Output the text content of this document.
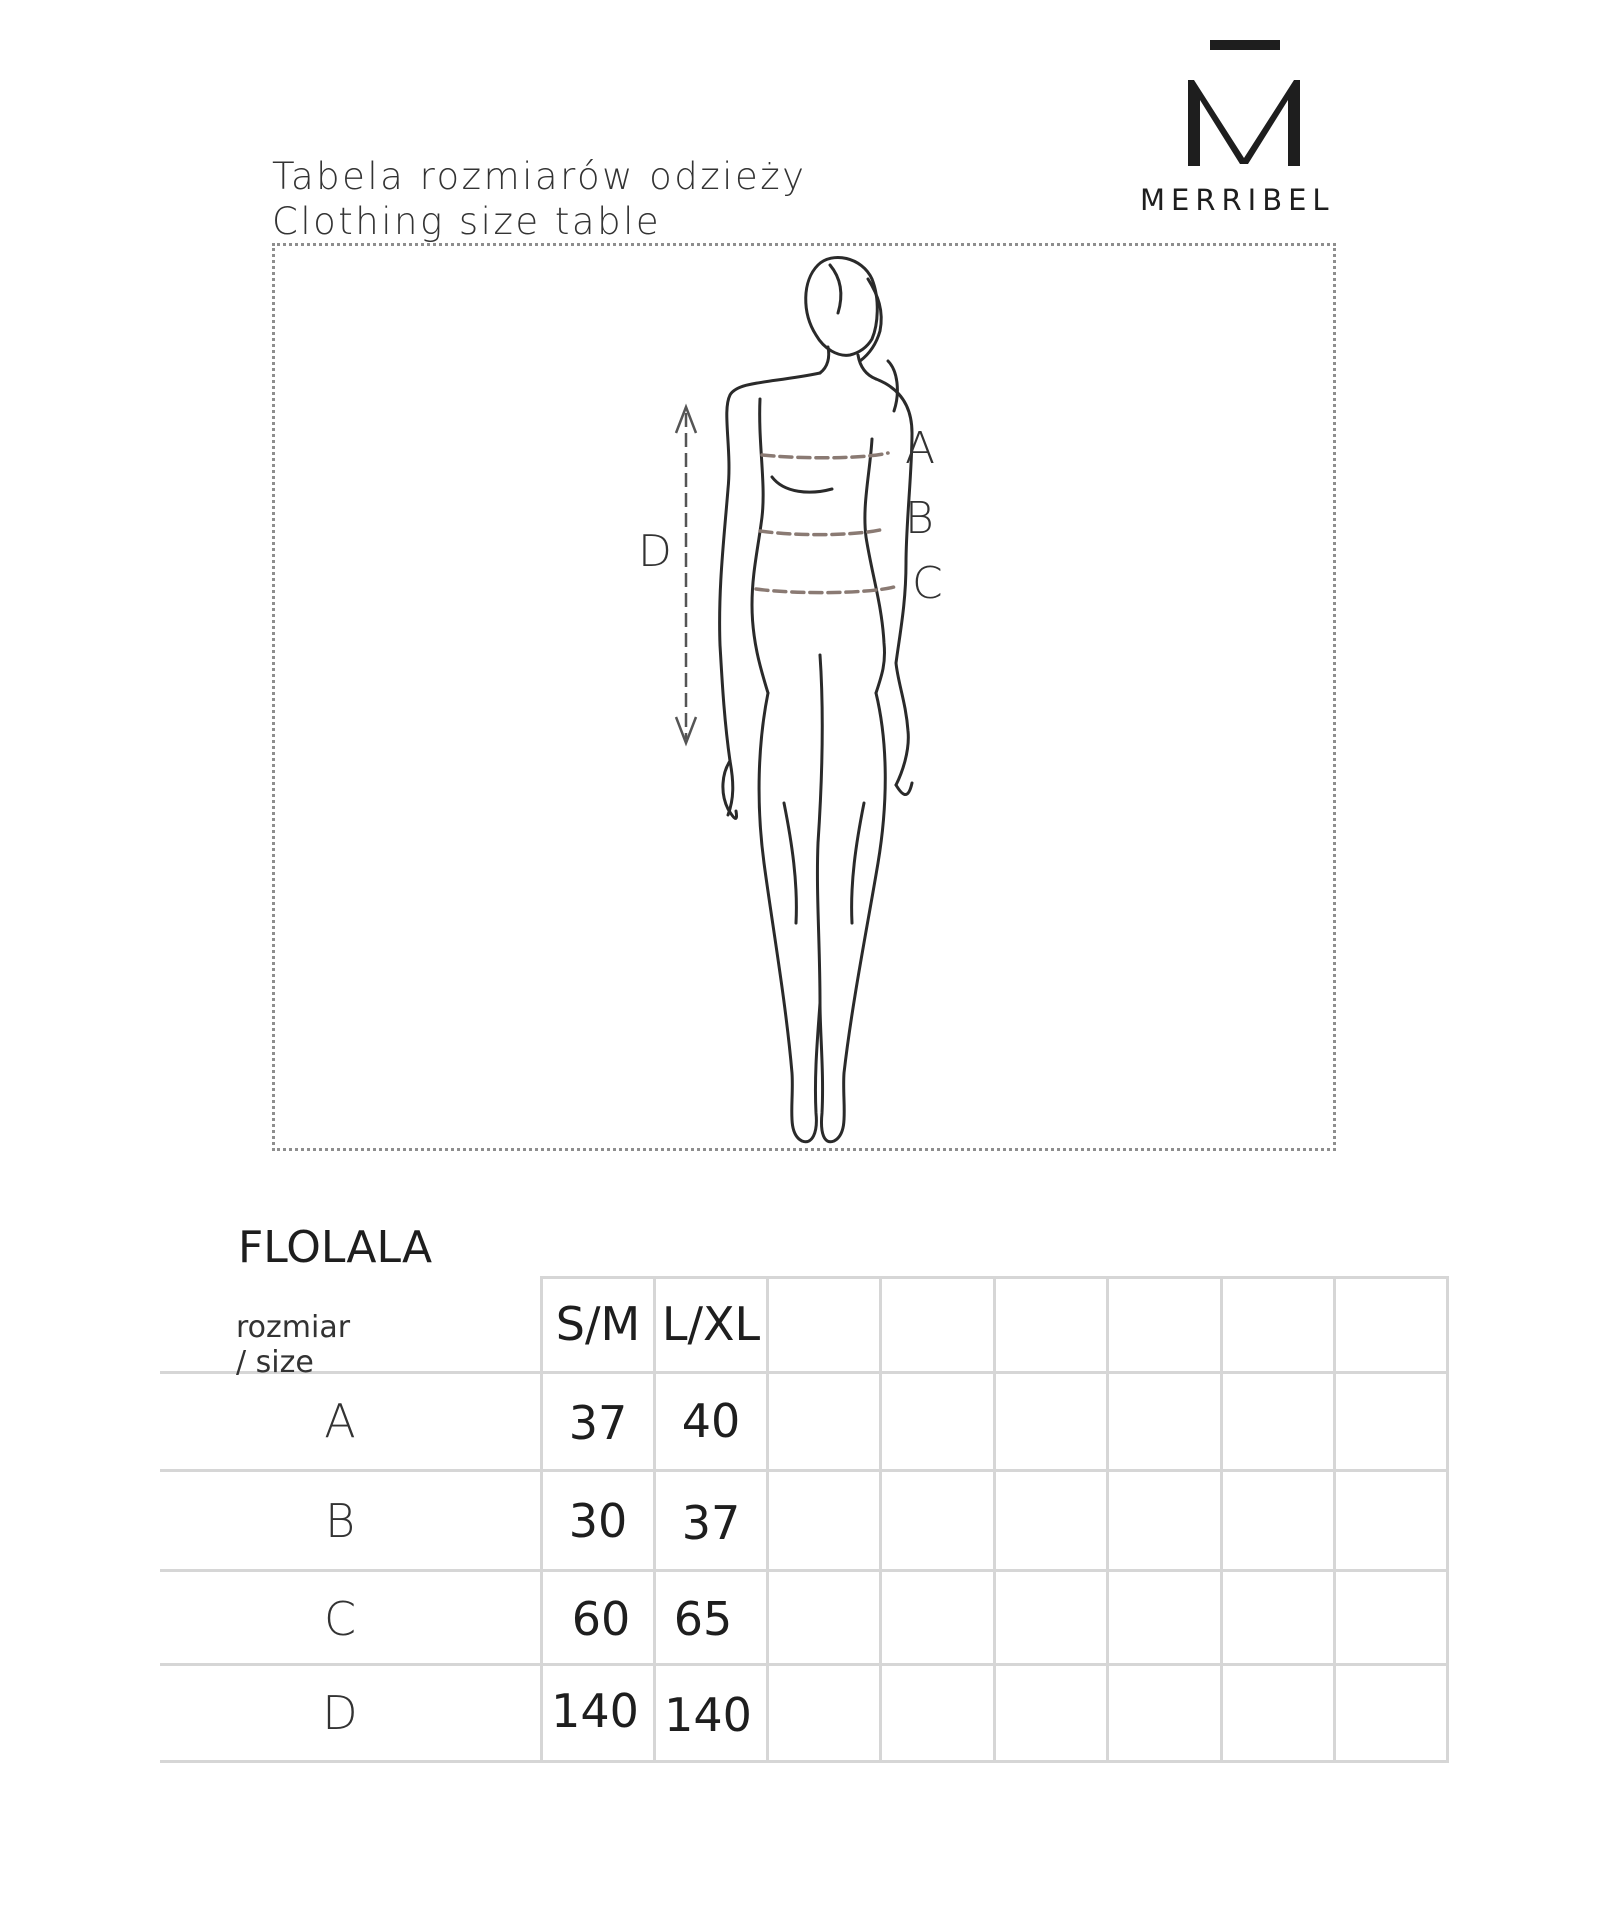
Tabela rozmiarów odzieży
Clothing size table	MERRIBEL
A
B
C
D
FLOLALA
rozmiar / size
S/M L/XL
A	37	40
B	30	37
C	60 65
D	140 140
